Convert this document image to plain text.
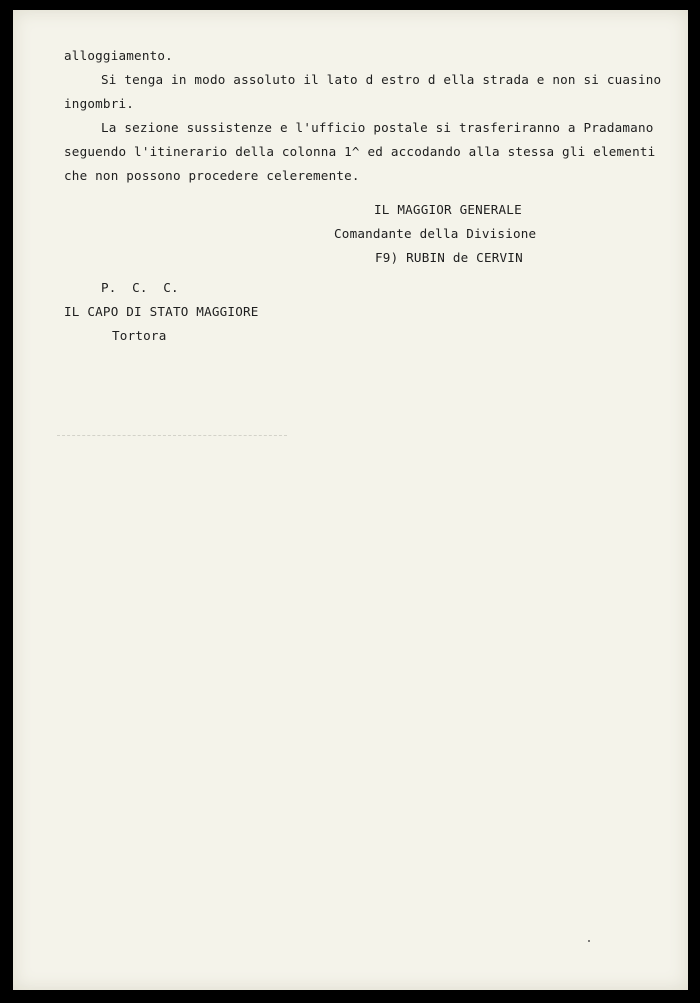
alloggiamento.
Si tenga in modo assoluto il lato d estro d ella strada e non si cuasino
ingombri.
La sezione sussistenze e l'ufficio postale si trasferiranno a Pradamano
seguendo l'itinerario della colonna 1^ ed accodando alla stessa gli elementi
che non possono procedere celeremente.
IL MAGGIOR GENERALE
Comandante della Divisione
F9) RUBIN de CERVIN
P.  C.  C.
IL CAPO DI STATO MAGGIORE
Tortora
